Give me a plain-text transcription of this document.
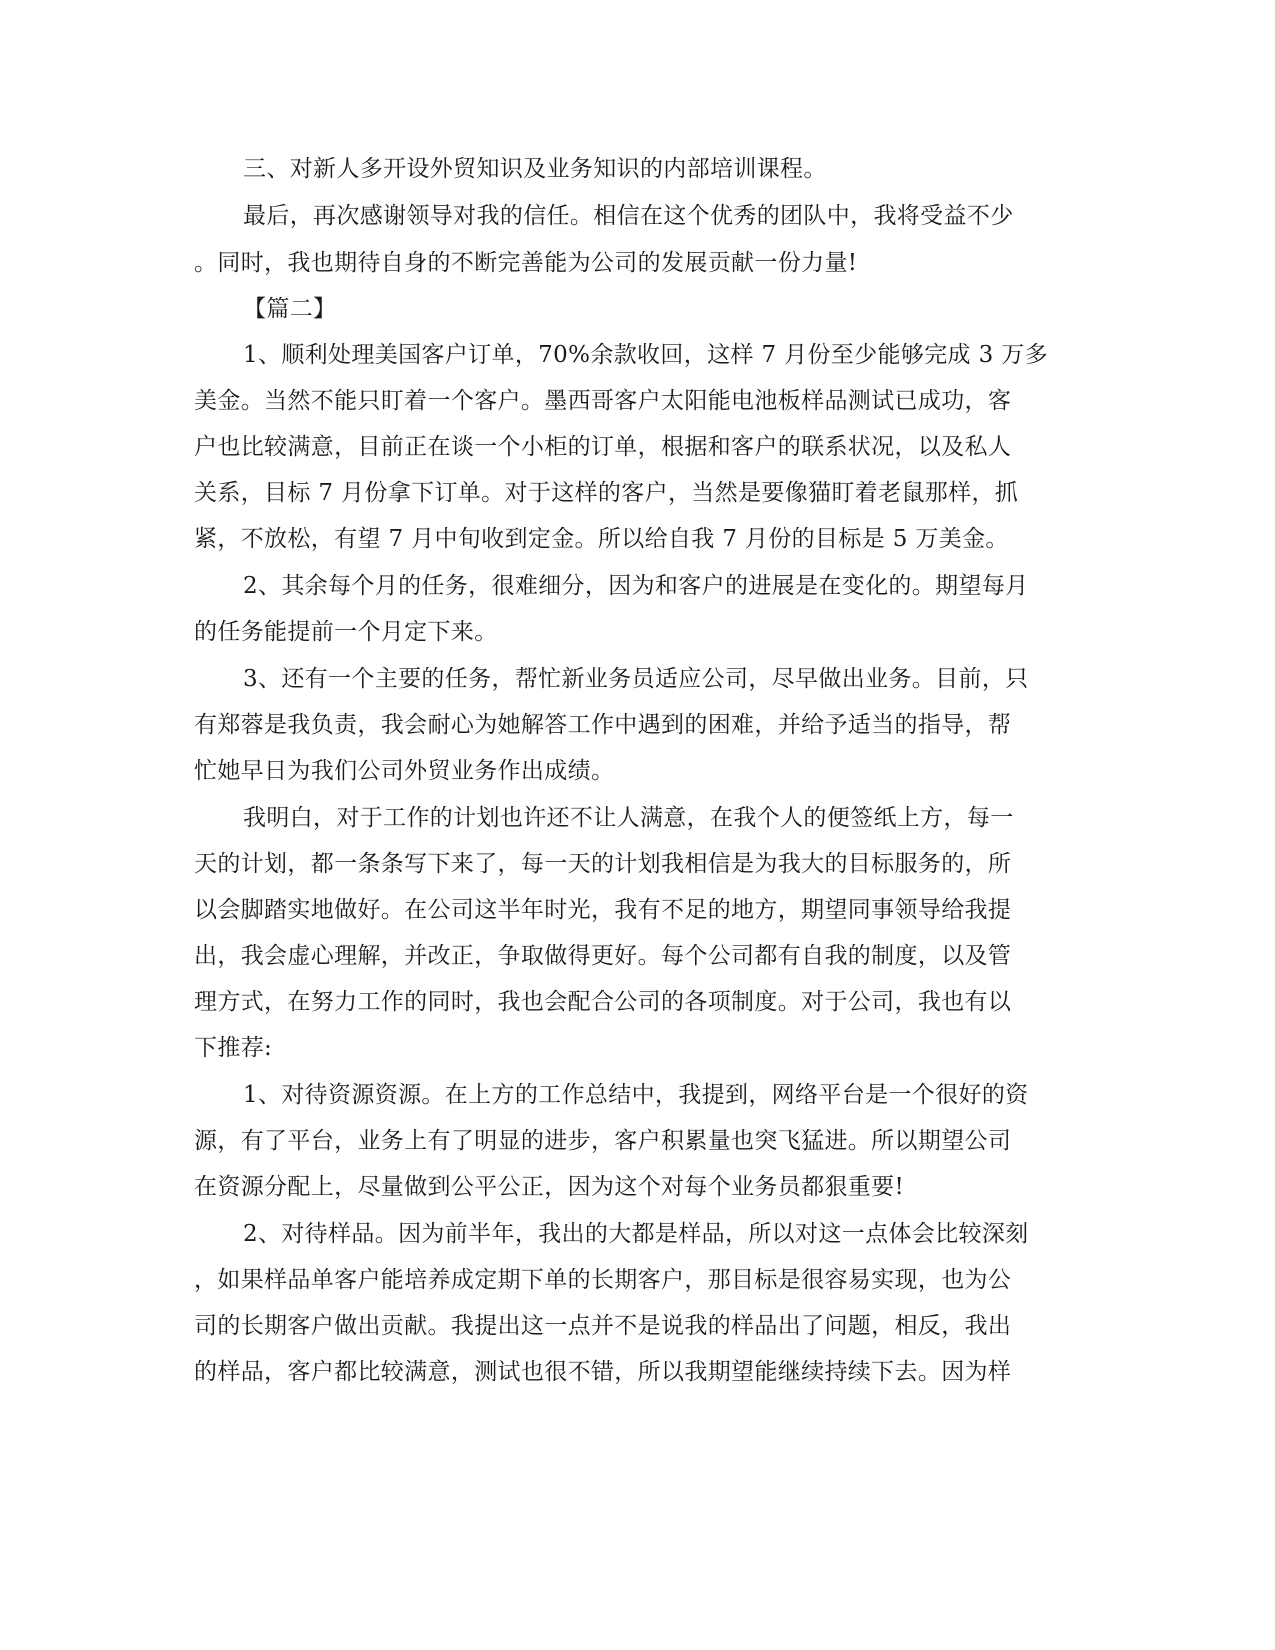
三、对新人多开设外贸知识及业务知识的内部培训课程。
最后，再次感谢领导对我的信任。相信在这个优秀的团队中，我将受益不少
。同时，我也期待自身的不断完善能为公司的发展贡献一份力量!
【篇二】
1、顺利处理美国客户订单，70%余款收回，这样 7 月份至少能够完成 3 万多
美金。当然不能只盯着一个客户。墨西哥客户太阳能电池板样品测试已成功，客
户也比较满意，目前正在谈一个小柜的订单，根据和客户的联系状况，以及私人
关系，目标 7 月份拿下订单。对于这样的客户，当然是要像猫盯着老鼠那样，抓
紧，不放松，有望 7 月中旬收到定金。所以给自我 7 月份的目标是 5 万美金。
2、其余每个月的任务，很难细分，因为和客户的进展是在变化的。期望每月
的任务能提前一个月定下来。
3、还有一个主要的任务，帮忙新业务员适应公司，尽早做出业务。目前，只
有郑蓉是我负责，我会耐心为她解答工作中遇到的困难，并给予适当的指导，帮
忙她早日为我们公司外贸业务作出成绩。
我明白，对于工作的计划也许还不让人满意，在我个人的便签纸上方，每一
天的计划，都一条条写下来了，每一天的计划我相信是为我大的目标服务的，所
以会脚踏实地做好。在公司这半年时光，我有不足的地方，期望同事领导给我提
出，我会虚心理解，并改正，争取做得更好。每个公司都有自我的制度，以及管
理方式，在努力工作的同时，我也会配合公司的各项制度。对于公司，我也有以
下推荐:
1、对待资源资源。在上方的工作总结中，我提到，网络平台是一个很好的资
源，有了平台，业务上有了明显的进步，客户积累量也突飞猛进。所以期望公司
在资源分配上，尽量做到公平公正，因为这个对每个业务员都狠重要!
2、对待样品。因为前半年，我出的大都是样品，所以对这一点体会比较深刻
，如果样品单客户能培养成定期下单的长期客户，那目标是很容易实现，也为公
司的长期客户做出贡献。我提出这一点并不是说我的样品出了问题，相反，我出
的样品，客户都比较满意，测试也很不错，所以我期望能继续持续下去。因为样
